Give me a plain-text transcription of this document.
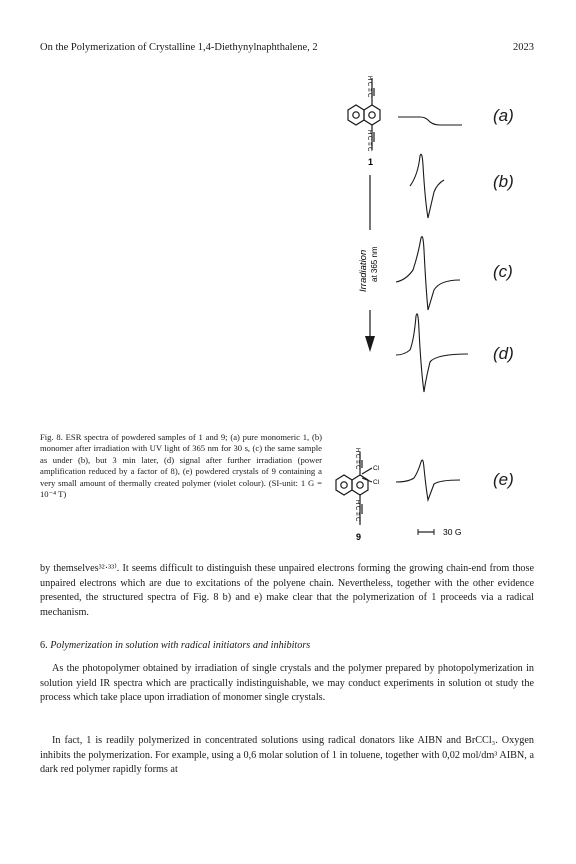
On the Polymerization of Crystalline 1,4-Diethynylnaphthalene, 2	2023
H C ≡ C
H C ≡ C
1
Irradiation at 365 nm
H C ≡ C
H C ≡ C
Cl
Cl
9	30 G
(a)
(b)
(c)
(d)
(e)
Fig. 8. ESR spectra of powdered samples of 1 and 9; (a) pure monomeric 1, (b) monomer after irradiation with UV light of 365 nm for 30 s, (c) the same sample as under (b), but 3 min later, (d) signal after further irradiation (power amplification reduced by a factor of 8), (e) powdered crystals of 9 containing a very small amount of thermally created polymer (violet colour). (SI-unit: 1 G = 10⁻⁴ T)

by themselves³²·³³⁾. It seems difficult to distinguish these unpaired electrons forming the growing chain-end from those unpaired electrons which are due to excitations of the polyene chain. Nevertheless, together with the other evidence presented, the structured spectra of Fig. 8 b) and e) make clear that the polymerization of 1 proceeds via a radical mechanism.

6. Polymerization in solution with radical initiators and inhibitors

As the photopolymer obtained by irradiation of single crystals and the polymer prepared by photopolymerization in solution yield IR spectra which are practically indistinguishable, we may conduct experiments in solution ot study the process which take place upon irradiation of monomer single crystals.

In fact, 1 is readily polymerized in concentrated solutions using radical donators like AIBN and BrCCl₃. Oxygen inhibits the polymerization. For example, using a 0,6 molar solution of 1 in toluene, together with 0,02 mol/dm³ AIBN, a dark red polymer rapidly forms at
